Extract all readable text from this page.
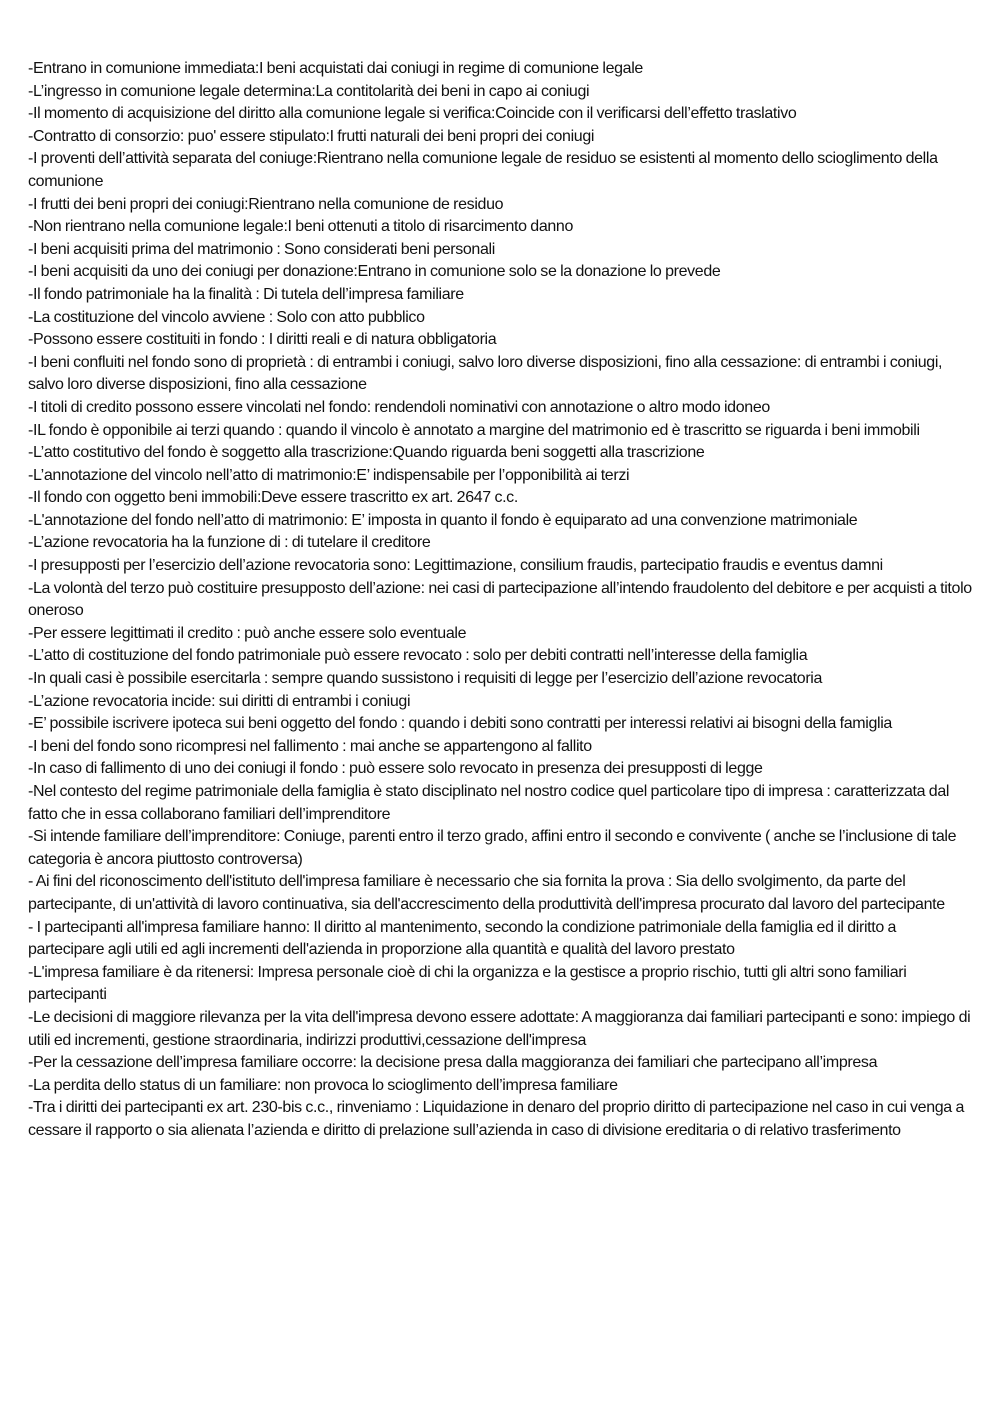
-Entrano in comunione immediata:I beni acquistati dai coniugi in regime di comunione legale

-L’ingresso in comunione legale determina:La contitolarità dei beni in capo ai coniugi

-Il momento di acquisizione del diritto alla comunione legale si verifica:Coincide con il verificarsi dell’effetto traslativo

-Contratto di consorzio: puo' essere stipulato:I frutti naturali dei beni propri dei coniugi

-I proventi dell’attività separata del coniuge:Rientrano nella comunione legale de residuo se esistenti al momento dello scioglimento della comunione

-I frutti dei beni propri dei coniugi:Rientrano nella comunione de residuo

-Non rientrano nella comunione legale:I beni ottenuti a titolo di risarcimento danno

-I beni acquisiti prima del matrimonio : Sono considerati beni personali

-I beni acquisiti da uno dei coniugi per donazione:Entrano in comunione solo se la donazione lo prevede

-Il fondo patrimoniale ha la finalità : Di tutela dell’impresa familiare

-La costituzione del vincolo avviene : Solo con atto pubblico

-Possono essere costituiti in fondo : I diritti reali e di natura obbligatoria

-I beni confluiti nel fondo sono di proprietà : di entrambi i coniugi, salvo loro diverse disposizioni, fino alla cessazione: di entrambi i coniugi, salvo loro diverse disposizioni, fino alla cessazione

-I titoli di credito possono essere vincolati nel fondo: rendendoli nominativi con annotazione o altro modo idoneo

-IL fondo è opponibile ai terzi quando : quando il vincolo è annotato a margine del matrimonio ed è trascritto se riguarda i beni immobili

-L’atto costitutivo del fondo è soggetto alla trascrizione:Quando riguarda beni soggetti alla trascrizione

-L’annotazione del vincolo nell’atto di matrimonio:E’ indispensabile per l’opponibilità ai terzi

-Il fondo con oggetto beni immobili:Deve essere trascritto ex art. 2647 c.c.

-L'annotazione del fondo nell’atto di matrimonio: E’ imposta in quanto il fondo è equiparato ad una convenzione matrimoniale

-L’azione revocatoria ha la funzione di : di tutelare il creditore

-I presupposti per l’esercizio dell’azione revocatoria sono: Legittimazione, consilium fraudis, partecipatio fraudis e eventus damni

-La volontà del terzo può costituire presupposto dell’azione: nei casi di partecipazione all’intendo fraudolento del debitore e per acquisti a titolo oneroso

-Per essere legittimati il credito : può anche essere solo eventuale

-L’atto di costituzione del fondo patrimoniale può essere revocato : solo per debiti contratti nell’interesse della famiglia

-In quali casi è possibile esercitarla : sempre quando sussistono i requisiti di legge per l’esercizio dell’azione revocatoria

-L’azione revocatoria incide: sui diritti di entrambi i coniugi

-E’ possibile iscrivere ipoteca sui beni oggetto del fondo : quando i debiti sono contratti per interessi relativi ai bisogni della famiglia

-I beni del fondo sono ricompresi nel fallimento : mai anche se appartengono al fallito

-In caso di fallimento di uno dei coniugi il fondo : può essere solo revocato in presenza dei presupposti di legge

-Nel contesto del regime patrimoniale della famiglia è stato disciplinato nel nostro codice quel particolare tipo di impresa : caratterizzata dal fatto che in essa collaborano familiari dell’imprenditore

-Si intende familiare dell’imprenditore: Coniuge, parenti entro il terzo grado, affini entro il secondo e convivente ( anche se l’inclusione di tale categoria è ancora piuttosto controversa)

- Ai fini del riconoscimento dell'istituto dell'impresa familiare è necessario che sia fornita la prova : Sia dello svolgimento, da parte del partecipante, di un'attività di lavoro continuativa, sia dell'accrescimento della produttività dell'impresa procurato dal lavoro del partecipante

- I partecipanti all'impresa familiare hanno: Il diritto al mantenimento, secondo la condizione patrimoniale della famiglia ed il diritto a partecipare agli utili ed agli incrementi dell'azienda in proporzione alla quantità e qualità del lavoro prestato

-L'impresa familiare è da ritenersi: Impresa personale cioè di chi la organizza e la gestisce a proprio rischio, tutti gli altri sono familiari partecipanti

-Le decisioni di maggiore rilevanza per la vita dell'impresa devono essere adottate: A maggioranza dai familiari partecipanti e sono: impiego di utili ed incrementi, gestione straordinaria, indirizzi produttivi,cessazione dell'impresa

-Per la cessazione dell’impresa familiare occorre: la decisione presa dalla maggioranza dei familiari che partecipano all’impresa

-La perdita dello status di un familiare: non provoca lo scioglimento dell’impresa familiare

-Tra i diritti dei partecipanti ex art. 230-bis c.c., rinveniamo : Liquidazione in denaro del proprio diritto di partecipazione nel caso in cui venga a cessare il rapporto o sia alienata l’azienda e diritto di prelazione sull’azienda in caso di divisione ereditaria o di relativo trasferimento
